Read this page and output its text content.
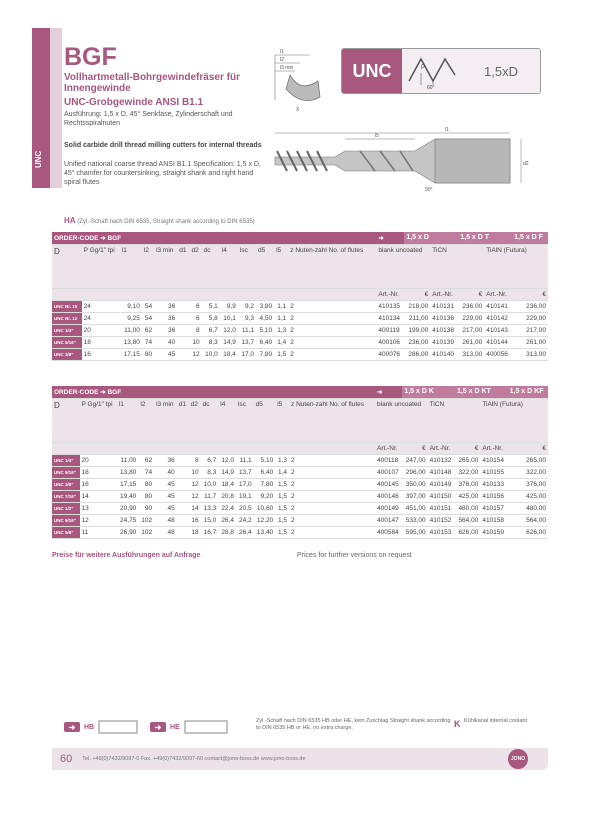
UNC
BGF
Vollhartmetall-Bohrgewindefräser für Innengewinde
UNC-Grobgewinde ANSI B1.1
Ausführung: 1,5 x D, 45° Senkfase, Zylinderschaft und Rechtsspiralnuten
Solid carbide drill thread milling cutters for internal threads
Unified national coarse thread ANSI B1.1 Specification: 1,5 x D, 45° chamfer for countersinking, straight shank and right hand spiral flutes
UNC	P
60°
1,5xD
l1
l2
l3 min
X
l1
l5
90°
d2
HA (Zyl.-Schaft nach DIN 6535, Straight shank according to DIN 6535)
ORDER-CODE ➜ BGF														➜	1,5 x D		1,5 x D T		1,5 x D F
D	P Gg/1" tpi	l1	l2	l3 min	d1	d2	dc	l4	lsc	d5	l5	z Nuten-zahl No. of flutes		blank uncoated		TiCN		TiAlN (Futura)	
														Art.-Nr.	€	Art.-Nr.	€	Art.-Nr.	€
UNC Nr. 10	24	9,10	54	36		6	5,1	9,9	9,2	3,80	1,1	2		410135	218,00	410131	236,00	410141	236,00
UNC Nr. 12	24	9,25	54	36		6	5,8	10,1	9,3	4,50	1,1	2		410134	211,00	410136	229,00	410142	229,00
UNC 1/4"	20	11,00	62	36		8	6,7	12,0	11,1	5,10	1,3	2		400119	199,00	410138	217,00	410143	217,00
UNC 5/16"	18	13,80	74	40		10	8,3	14,9	13,7	6,40	1,4	2		400106	236,00	410139	261,00	410144	261,00
UNC 3/8"	16	17,15	80	45		12	10,0	18,4	17,0	7,80	1,5	2		400076	286,00	410140	313,00	400056	313,00
ORDER-CODE ➜ BGF														➜	1,5 x D K		1,5 x D KT		1,5 x D KF
D	P Gg/1" tpi	l1	l2	l3 min	d1	d2	dc	l4	lsc	d5	l5	z Nuten-zahl No. of flutes		blank uncoated		TiCN		TiAlN (Futura)	
														Art.-Nr.	€	Art.-Nr.	€	Art.-Nr.	€
UNC 1/4"	20	11,00	62	36		8	6,7	12,0	11,1	5,10	1,3	2		400118	247,00	410132	265,00	410154	265,00
UNC 5/16"	18	13,80	74	40		10	8,3	14,9	13,7	6,40	1,4	2		400107	296,00	410148	322,00	410155	322,00
UNC 3/8"	16	17,15	80	45		12	10,0	18,4	17,0	7,80	1,5	2		400145	350,00	410149	376,00	410133	376,00
UNC 7/16"	14	19,40	80	45		12	11,7	20,8	19,1	9,20	1,5	2		400146	397,00	410150	425,00	410156	425,00
UNC 1/2"	13	20,90	90	45		14	13,3	22,4	20,5	10,60	1,5	2		400149	451,00	410151	480,00	410157	480,00
UNC 9/16"	12	24,75	102	48		16	15,0	26,4	24,2	12,20	1,5	2		400147	533,00	410152	564,00	410158	564,00
UNC 5/8"	11	26,90	102	48		18	16,7	28,8	26,4	13,40	1,5	2		400584	595,00	410153	626,00	410159	626,00
Preise für weitere Ausführungen auf Anfrage	Prices for further versions on request
➜	HB	➜	HE
Zyl.-Schaft nach DIN 6535 HB oder HE, kein Zuschlag Straight shank according to DIN 6535 HB or HE, no extra charge.	K Kühlkanal internal coolant
60 Tel. +49(0)7432/9097-0 Fax. +49(0)7432/9097-60 contact@jono-boss.de www.jono-boss.de	JONO
